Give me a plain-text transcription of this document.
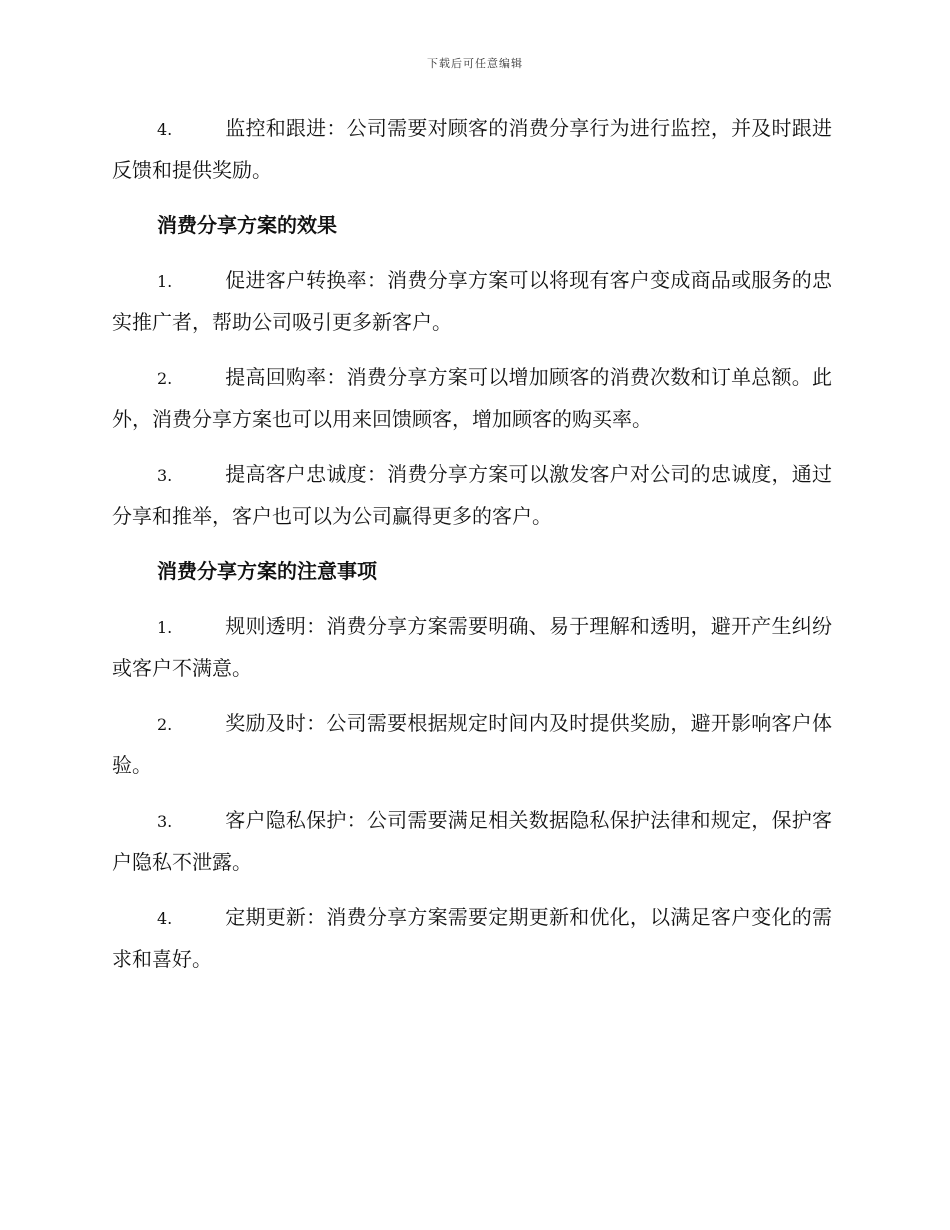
下载后可任意编辑

4.	监控和跟进：公司需要对顾客的消费分享行为进行监控，并及时跟进反馈和提供奖励。

消费分享方案的效果

1.	促进客户转换率：消费分享方案可以将现有客户变成商品或服务的忠实推广者，帮助公司吸引更多新客户。

2.	提高回购率：消费分享方案可以增加顾客的消费次数和订单总额。此外，消费分享方案也可以用来回馈顾客，增加顾客的购买率。

3.	提高客户忠诚度：消费分享方案可以激发客户对公司的忠诚度，通过分享和推举，客户也可以为公司赢得更多的客户。

消费分享方案的注意事项

1.	规则透明：消费分享方案需要明确、易于理解和透明，避开产生纠纷或客户不满意。

2.	奖励及时：公司需要根据规定时间内及时提供奖励，避开影响客户体验。

3.	客户隐私保护：公司需要满足相关数据隐私保护法律和规定，保护客户隐私不泄露。

4.	定期更新：消费分享方案需要定期更新和优化，以满足客户变化的需求和喜好。
